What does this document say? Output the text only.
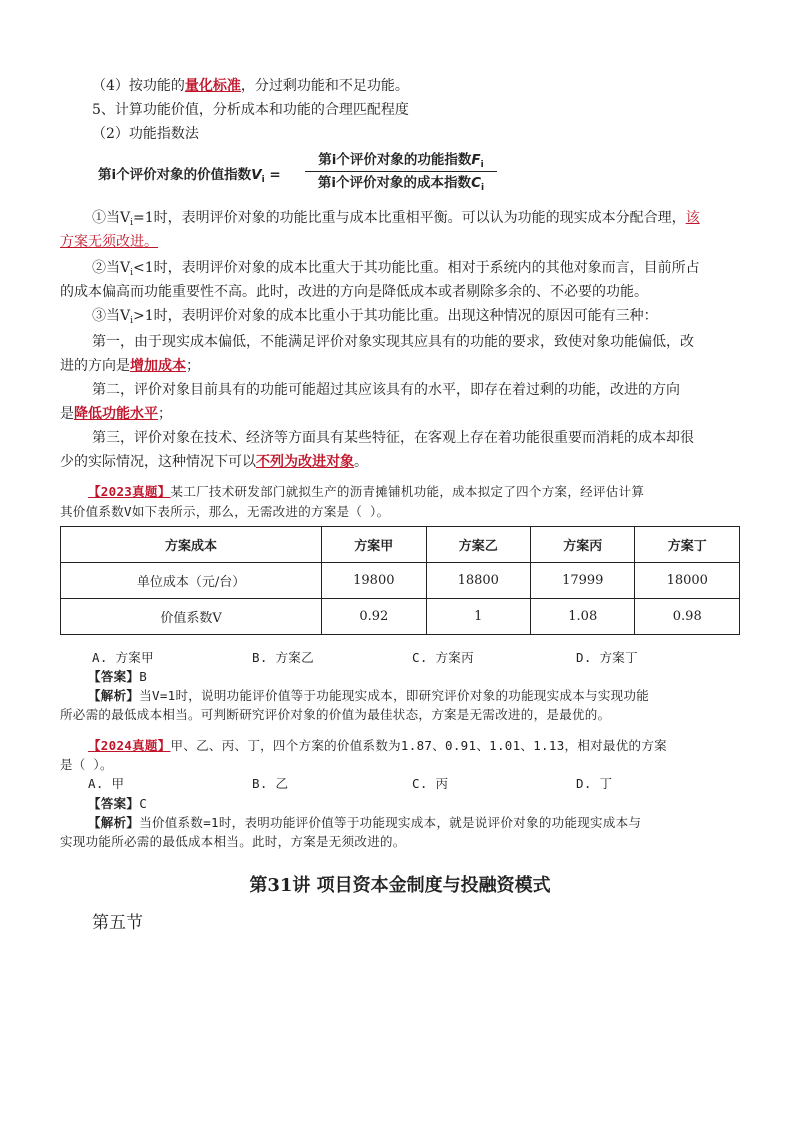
（4）按功能的量化标准，分过剩功能和不足功能。
5、计算功能价值，分析成本和功能的合理匹配程度
（2）功能指数法
第i个评价对象的价值指数$V_i$ =
第i个评价对象的功能指数$F_i$
第i个评价对象的成本指数$C_i$
①当$V_i=1$时，表明评价对象的功能比重与成本比重相平衡。可以认为功能的现实成本分配合理，该
方案无须改进。
②当$V_i<1$时，表明评价对象的成本比重大于其功能比重。相对于系统内的其他对象而言，目前所占
的成本偏高而功能重要性不高。此时，改进的方向是降低成本或者剔除多余的、不必要的功能。
③当$V_i>1$时，表明评价对象的成本比重小于其功能比重。出现这种情况的原因可能有三种：
第一，由于现实成本偏低，不能满足评价对象实现其应具有的功能的要求，致使对象功能偏低，改
进的方向是增加成本；
第二，评价对象目前具有的功能可能超过其应该具有的水平，即存在着过剩的功能，改进的方向
是降低功能水平；
第三，评价对象在技术、经济等方面具有某些特征，在客观上存在着功能很重要而消耗的成本却很
少的实际情况，这种情况下可以不列为改进对象。
【2023真题】某工厂技术研发部门就拟生产的沥青摊铺机功能，成本拟定了四个方案，经评估计算
其价值系数V如下表所示，那么，无需改进的方案是（ ）。
方案成本	方案甲	方案乙	方案丙	方案丁
单位成本（元/台）	19800	18800	17999	18000
价值系数V	0.92	1	1.08	0.98
A. 方案甲	B. 方案乙	C. 方案丙	D. 方案丁
【答案】B
【解析】当V=1时，说明功能评价值等于功能现实成本，即研究评价对象的功能现实成本与实现功能
所必需的最低成本相当。可判断研究评价对象的价值为最佳状态，方案是无需改进的，是最优的。
【2024真题】甲、乙、丙、丁，四个方案的价值系数为1.87、0.91、1.01、1.13，相对最优的方案
是（ ）。
A. 甲	B. 乙	C. 丙	D. 丁
【答案】C
【解析】当价值系数=1时，表明功能评价值等于功能现实成本，就是说评价对象的功能现实成本与
实现功能所必需的最低成本相当。此时，方案是无须改进的。
第31讲 项目资本金制度与投融资模式
第五节
